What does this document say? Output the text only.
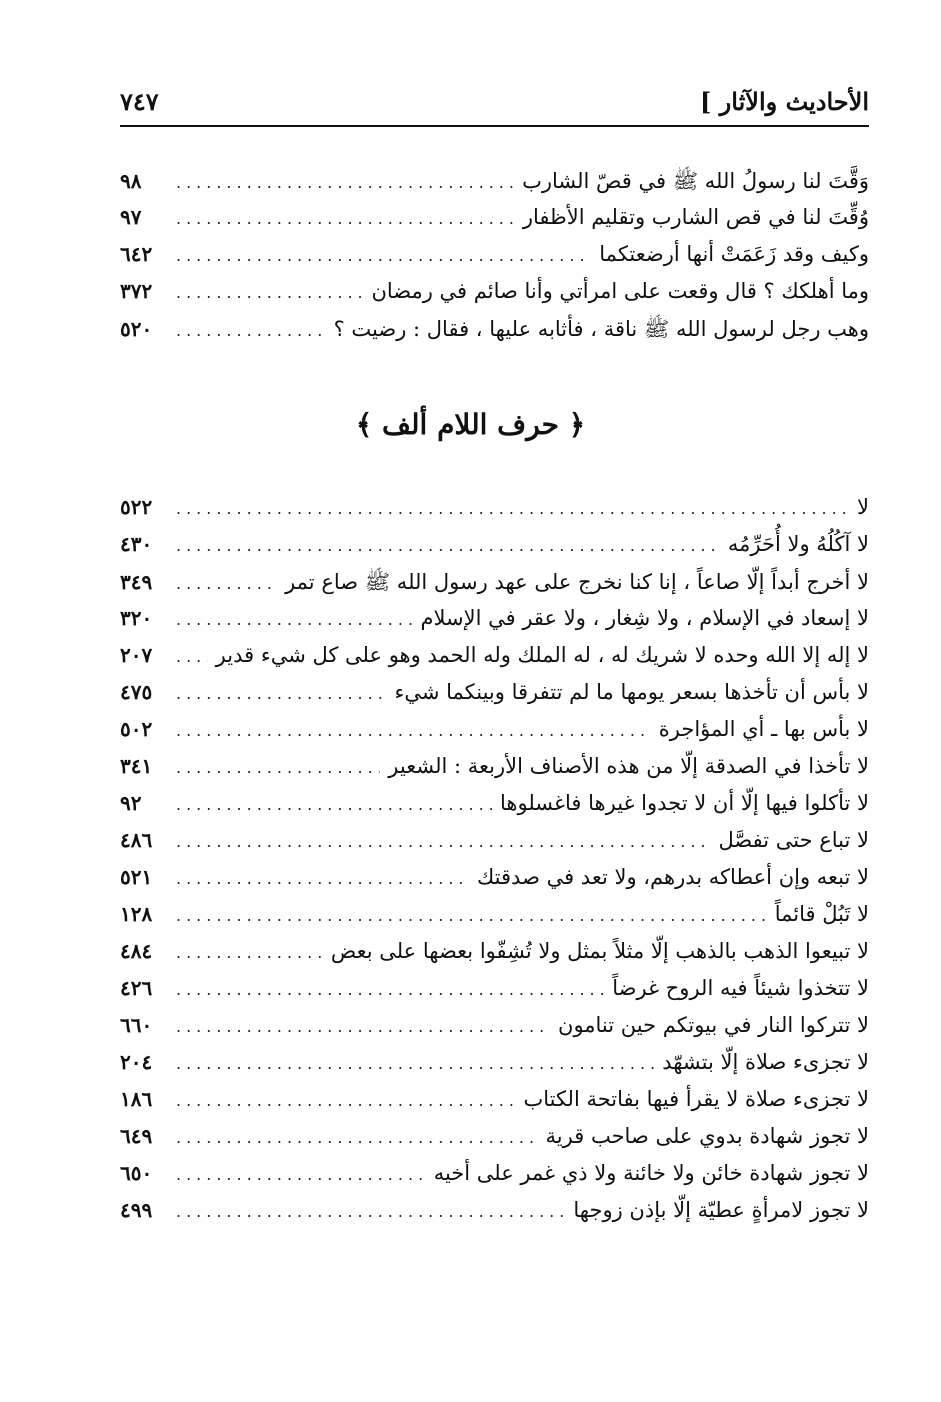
الأحاديث والآثار ]
٧٤٧
وَقَّتَ لنا رسولُ الله ﷺ في قصّ الشارب
.....
٩٨
وُقِّتَ لنا في قص الشارب وتقليم الأظفار
.....
٩٧
وكيف وقد زَعَمَتْ أنها أرضعتكما
.....
٦٤٢
وما أهلكك ؟ قال وقعت على امرأتي وأنا صائم في رمضان
.....
٣٧٢
وهب رجل لرسول الله ﷺ ناقة ، فأثابه عليها ، فقال : رضيت ؟
.....
٥٢٠
﴿ حرف اللام ألف ﴾
لا
.....
٥٢٢
لا آكُلُهُ ولا أُحَرِّمُه
.....
٤٣٠
لا أخرج أبداً إلّا صاعاً ، إنا كنا نخرج على عهد رسول الله ﷺ صاع تمر
.....
٣٤٩
لا إسعاد في الإسلام ، ولا شِغار ، ولا عقر في الإسلام
.....
٣٢٠
لا إله إلا الله وحده لا شريك له ، له الملك وله الحمد وهو على كل شيء قدير
.....
٢٠٧
لا بأس أن تأخذها بسعر يومها ما لم تتفرقا وبينكما شيء
.....
٤٧٥
لا بأس بها ـ أي المؤاجرة
.....
٥٠٢
لا تأخذا في الصدقة إلّا من هذه الأصناف الأربعة : الشعير
.....
٣٤١
لا تأكلوا فيها إلّا أن لا تجدوا غيرها فاغسلوها
.....
٩٢
لا تباع حتى تفصَّل
.....
٤٨٦
لا تبعه وإن أعطاكه بدرهم، ولا تعد في صدقتك
.....
٥٢١
لا تَبُلْ قائماً
.....
١٢٨
لا تبيعوا الذهب بالذهب إلّا مثلاً بمثل ولا تُشِفّوا بعضها على بعض
.....
٤٨٤
لا تتخذوا شيئاً فيه الروح غرضاً
.....
٤٢٦
لا تتركوا النار في بيوتكم حين تنامون
.....
٦٦٠
لا تجزىء صلاة إلّا بتشهّد
.....
٢٠٤
لا تجزىء صلاة لا يقرأ فيها بفاتحة الكتاب
.....
١٨٦
لا تجوز شهادة بدوي على صاحب قرية
.....
٦٤٩
لا تجوز شهادة خائن ولا خائنة ولا ذي غمر على أخيه
.....
٦٥٠
لا تجوز لامرأةٍ عطيّة إلّا بإذن زوجها
.....
٤٩٩
